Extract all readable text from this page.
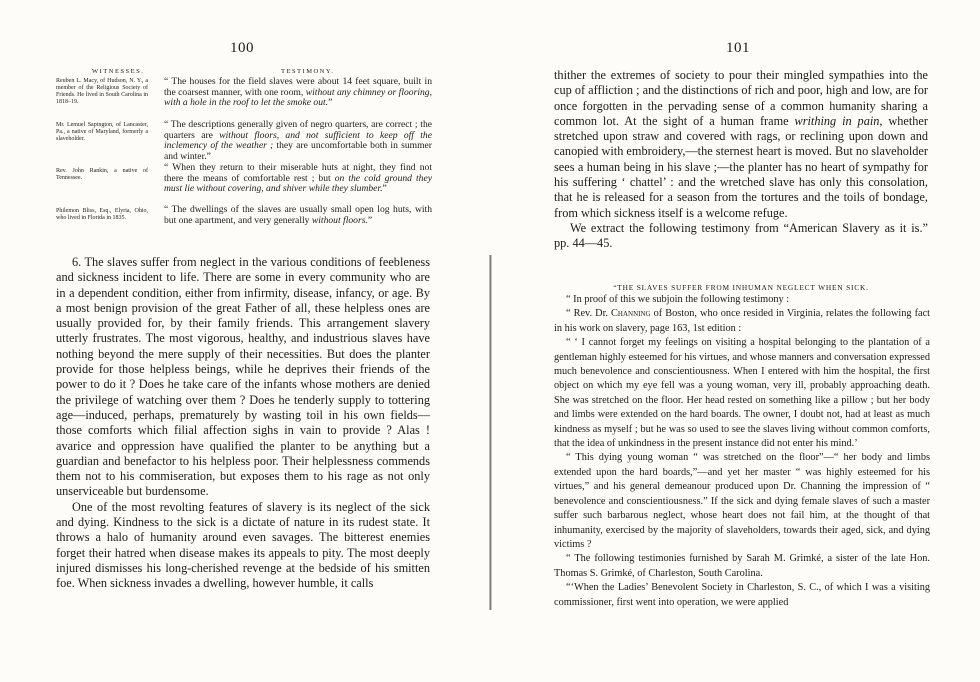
100
WITNESSES.	TESTIMONY.
Reuben L. Macy, of Hudson, N. Y., a member of the Religious Society of Friends. He lived in South Carolina in 1818–19.
“ The houses for the field slaves were about 14 feet square, built in the coarsest manner, with one room, without any chimney or flooring, with a hole in the roof to let the smoke out.”
Mr. Lemuel Sapington, of Lancaster, Pa., a native of Maryland, formerly a slaveholder.
“ The descriptions generally given of negro quarters, are correct ; the quarters are without floors, and not sufficient to keep off the inclemency of the weather ; they are uncomfortable both in summer and winter.”
Rev. John Rankin, a native of Tennessee.
“ When they return to their miserable huts at night, they find not there the means of comfortable rest ; but on the cold ground they must lie without covering, and shiver while they slumber.”
Philemon Bliss, Esq., Elyria, Ohio, who lived in Florida in 1835.
“ The dwellings of the slaves are usually small open log huts, with but one apartment, and very generally without floors.”

6. The slaves suffer from neglect in the various conditions of feebleness and sickness incident to life. There are some in every community who are in a dependent condition, either from infirmity, disease, infancy, or age. By a most benign provision of the great Father of all, these helpless ones are usually provided for, by their family friends. This arrangement slavery utterly frustrates. The most vigorous, healthy, and industrious slaves have nothing beyond the mere supply of their necessities. But does the planter provide for those helpless beings, while he deprives their friends of the power to do it ? Does he take care of the infants whose mothers are denied the privilege of watching over them ? Does he tenderly supply to tottering age—induced, perhaps, prematurely by wasting toil in his own fields—those comforts which filial affection sighs in vain to provide ? Alas ! avarice and oppression have qualified the planter to be anything but a guardian and benefactor to his helpless poor. Their helplessness commends them not to his commiseration, but exposes them to his rage as not only unserviceable but burdensome.

One of the most revolting features of slavery is its neglect of the sick and dying. Kindness to the sick is a dictate of nature in its rudest state. It throws a halo of humanity around even savages. The bitterest enemies forget their hatred when disease makes its appeals to pity. The most deeply injured dismisses his long-cherished revenge at the bedside of his smitten foe. When sickness invades a dwelling, however humble, it calls

101

thither the extremes of society to pour their mingled sympathies into the cup of affliction ; and the distinctions of rich and poor, high and low, are for once forgotten in the pervading sense of a common humanity sharing a common lot. At the sight of a human frame writhing in pain, whether stretched upon straw and covered with rags, or reclining upon down and canopied with embroidery,—the sternest heart is moved. But no slaveholder sees a human being in his slave ;—the planter has no heart of sympathy for his suffering ‘ chattel’ : and the wretched slave has only this consolation, that he is released for a season from the tortures and the toils of bondage, from which sickness itself is a welcome refuge.

We extract the following testimony from “American Slavery as it is.” pp. 44—45.

“THE SLAVES SUFFER FROM INHUMAN NEGLECT WHEN SICK.

“ In proof of this we subjoin the following testimony :

“ Rev. Dr. Channing of Boston, who once resided in Virginia, relates the following fact in his work on slavery, page 163, 1st edition :

“ ‘ I cannot forget my feelings on visiting a hospital belonging to the plantation of a gentleman highly esteemed for his virtues, and whose manners and conversation expressed much benevolence and conscientiousness. When I entered with him the hospital, the first object on which my eye fell was a young woman, very ill, probably approaching death. She was stretched on the floor. Her head rested on something like a pillow ; but her body and limbs were extended on the hard boards. The owner, I doubt not, had at least as much kindness as myself ; but he was so used to see the slaves living without common comforts, that the idea of unkindness in the present instance did not enter his mind.’

“ This dying young woman “ was stretched on the floor”—“ her body and limbs extended upon the hard boards,”—and yet her master “ was highly esteemed for his virtues,” and his general demeanour produced upon Dr. Channing the impression of “ benevolence and conscientiousness.” If the sick and dying female slaves of such a master suffer such barbarous neglect, whose heart does not fail him, at the thought of that inhumanity, exercised by the majority of slaveholders, towards their aged, sick, and dying victims ?

“ The following testimonies furnished by Sarah M. Grimké, a sister of the late Hon. Thomas S. Grimké, of Charleston, South Carolina.

“‘When the Ladies’ Benevolent Society in Charleston, S. C., of which I was a visiting commissioner, first went into operation, we were applied
